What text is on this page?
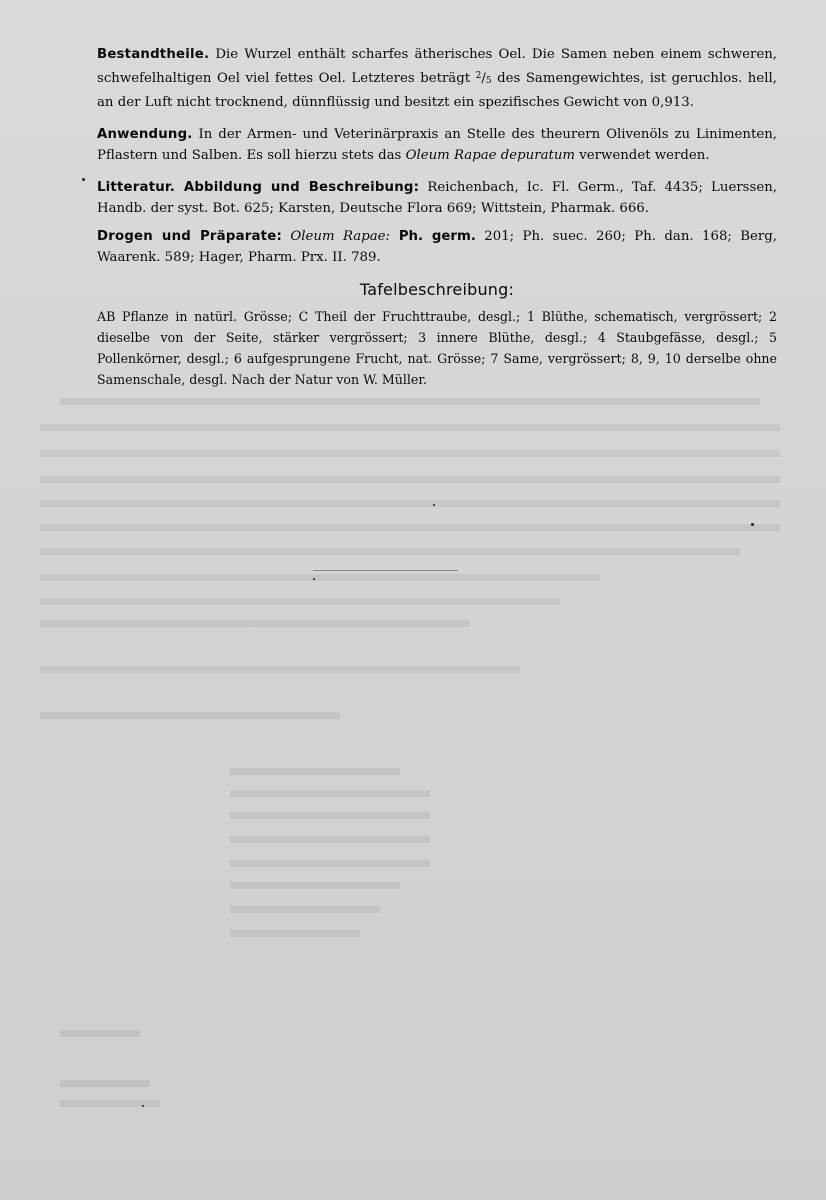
Bestandtheile. Die Wurzel enthält scharfes ätherisches Oel. Die Samen neben einem schweren, schwefelhaltigen Oel viel fettes Oel. Letzteres beträgt $^2$/5 des Samengewichtes, ist geruchlos. hell, an der Luft nicht trocknend, dünnflüssig und besitzt ein spezifisches Gewicht von 0,913.

Anwendung. In der Armen- und Veterinärpraxis an Stelle des theurern Olivenöls zu Linimenten, Pflastern und Salben. Es soll hierzu stets das Oleum Rapae depuratum verwendet werden.

Litteratur. Abbildung und Beschreibung: Reichenbach, Ic. Fl. Germ., Taf. 4435; Luerssen, Handb. der syst. Bot. 625; Karsten, Deutsche Flora 669; Wittstein, Pharmak. 666.

Drogen und Präparate: Oleum Rapae: Ph. germ. 201; Ph. suec. 260; Ph. dan. 168; Berg, Waarenk. 589; Hager, Pharm. Prx. II. 789.

Tafelbeschreibung:

AB Pflanze in natürl. Grösse; C Theil der Fruchttraube, desgl.; 1 Blüthe, schematisch, vergrössert; 2 dieselbe von der Seite, stärker vergrössert; 3 innere Blüthe, desgl.; 4 Staubgefässe, desgl.; 5 Pollenkörner, desgl.; 6 aufgesprungene Frucht, nat. Grösse; 7 Same, vergrössert; 8, 9, 10 derselbe ohne Samenschale, desgl. Nach der Natur von W. Müller.
